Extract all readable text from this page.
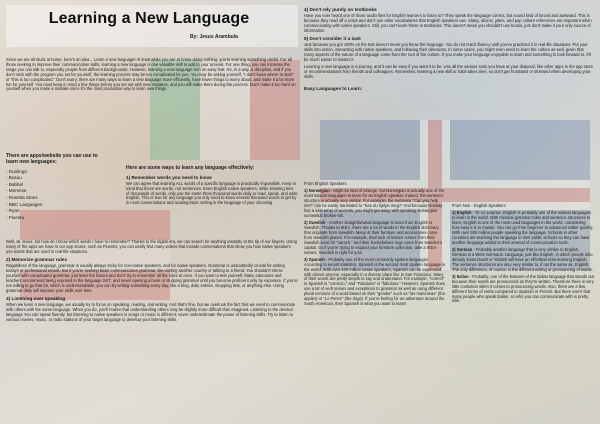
Learning a New Language
By: Jesus Arambula

Since we are all stuck at home, here's an idea... Learn a new language! At least while you are at home doing nothing, you're learning something useful. For all those seeking to improve their communication skills, learning a new language is one valuable skill to add to your arsenal. For one thing, you can increase the range you can talk to, especially people from different backgrounds. However, learning a new language isn't an easy feat. It's, in a way, a discipline, and if you don't stick with the program you set for yourself, the learning process may be too complicated for you. You may be asking yourself, "I don't know where to start" or "this is too complicated." Don't worry, there are many ways to learn a new language more efficiently, have fewer things to worry about, and make it a lot more fun for yourself. You must keep in mind a few things before you set out with new mistakes, and you will make them during the process. Don't make it too hard on yourself when you make a mistake since it's the most productive way to learn new things.

There are apps/website you can use to learn new languages:
- Duolingo
- Busuu
- Babbel
- Memrise
- Rosetta Stone
- BBC Languages
- Ryan
- Fluentu
Here are some ways to learn any language effectively:
1) Remember words you need to know

We can agree that learning ALL words of a specific language is practically impossible. Keep in mind that these are words, not sentences. Even English native speakers, while knowing tens of thousands of words, only use the same three thousand words daily to read, speak, and write English. This is true for any language you only need to know several thousand words to get by in most conversations and reading basic writing in the language of your choosing.

Well, ok Jesus, but how do I know which words I have to remember? Thanks to the digital era, we can search for anything instantly at the tip of our fingers. Using many of the apps we have in our app stores, such as FluentU, you can easily find many videos that include conversations that show you how native speakers use words that are used in real-life situations.

2) Memorize grammar rules

Regardless of the language, grammar is usually always tricky for non-native speakers, and for native speakers. Grammar is undoubtedly crucial for writing essays or professional emails. But if you're seeking basic communication grammar, like visiting another country or talking to a friend, You shouldn't stress yourself with complicated grammar; just learn the basics and don't try to remember all the rules at once. If you want to test yourself, Many educators and teachers recommend being exposed to the language 24/7, and never opening a book or studying grammar until you become proficient only by exposure. If you're not willing to go that far, which is understandable, you can try writing something every day, like a blog, daily entries, shopping lists, or anything else. Using grammar daily will improve your skills over time.

3) Listening over speaking

When we learn a new language, we usually try to focus on speaking, reading, and writing. And that's fine, but we overlook the fact that we need to communicate with others with the same language. When you do, you'll realize that understanding others may be slightly more difficult than imagined. Listening to the desired language You can speak fluently, but listening to native speakers in songs or music is different; never underestimate the power of listening skills. Try to listen to various movies, music, or radio stations of your target language to develop your listening skills.

4) Don't rely purely on textbooks

Have you ever heard one of those audio files for English learners to listen to? They speak the language correct, but sound kind of forced and awkward. This is because they read off a script and don't use other vocabularies that English speakers use. Slang, idioms, jokes, and pop culture references are important when communicating with native speakers. Still, you can't learn these in textbooks. This doesn't mean you shouldn't use books, just don't make it your only source of information.

5) Don't consider it a task

Just because you got 100% on the test doesn't mean you know the language. You do not reach fluency until you've practiced it in real-life situations. Put your skills into action, interacting with native speakers, and following their directions. In some cases, you might even need to learn the culture as well, given that many aspects of the nature of a language come from the root of the culture. If you make your language enjoyable to learn and something to look forward to, it'll be much easier to master it.

Learning a new language is a journey, and it can be easy if you want it to be. Use all the various tools you have at your disposal, like other apps in the app store or recommendations from friends and colleagues. Remember, learning a new skill or habit takes time, so don't get frustrated or stressed when developing your skills.

Easy Languages to Learn:

From English Speakers

1) Norwegian - Might be kind of strange, but Norwegian is actually one of the most natural languages to learn for an English speaker. Indeed, the sentence structure is actually very similar. For example, the sentence "Can you help me?" can be easily translated to "Kan du hjelpe meg?" And because Norway has a vast array of accents, you might get away with speaking Norwegian somewhat broken-ish.

2) Swedish - Another straightforward language to learn from English is Swedish. Thanks to IKEA, there are a lot of words in the English dictionary that originate from Swedish. Many of their furniture and accessories come from Swedish places. For example, their lack of lettuce comes from their Swedish word for "varsch," and their bookshelves rugs come from Sweden's capital. So if you're trying to expand your furniture collection, take a IKEA names; Swedish is right for you!

3) Spanish - Probably one of the most commonly spoken languages. According to recent statistics, Spanish is the second most spoken language in the world. With over 400 million native speakers, Spanish can be expressed with almost anyone, especially in a diverse place like in San Francisco. Many of their words are pretty simple to say and understand. For example, "correct" in Spanish is "correcto," and "Fabuloso" is "fabuloso." However, Spanish does use a lot of verb tenses and exceptions to grammar as well as using different plural versions of a word based on their "gender" such as "las manzanas" (the apples) or "Lo Perror" (the dogs). If you're feeling for an adventure around the South American, then Spanish is what you want to learn!

From Non - English Speakers

1) English - To no surprise, English is probably one of the easiest languages to learn in the world. With minimal grammar rules and sentence structures to learn, English is one of the most used languages in the world, considering how easy it is to master. You can go from beginner to advanced rather quickly. With over 900 million people speaking the language. Schools in other countries are teaching the language in their public schools so they can have another language added to their arsenal of communication tools.

2) German - Probably another language that is very similar to English, German is a West Germanic Language, just like English, in which people who already know Dutch or Yiddish will have an effortless time learning English. The sentence structures are also very similar to, if not the same as, English. The only difference, of course, is the different writing or pronouncing of words.

3) Italian - Probably, one of the features of the Italian language that stands out because their words are pronounced as they're written. Therefore there is very little confusion when it comes to pronouncing words. Also, there are a few different forms of verbs compared to Spanish or French. But there aren't that many people who speak Italian, so who you can communicate with is pretty slim.
